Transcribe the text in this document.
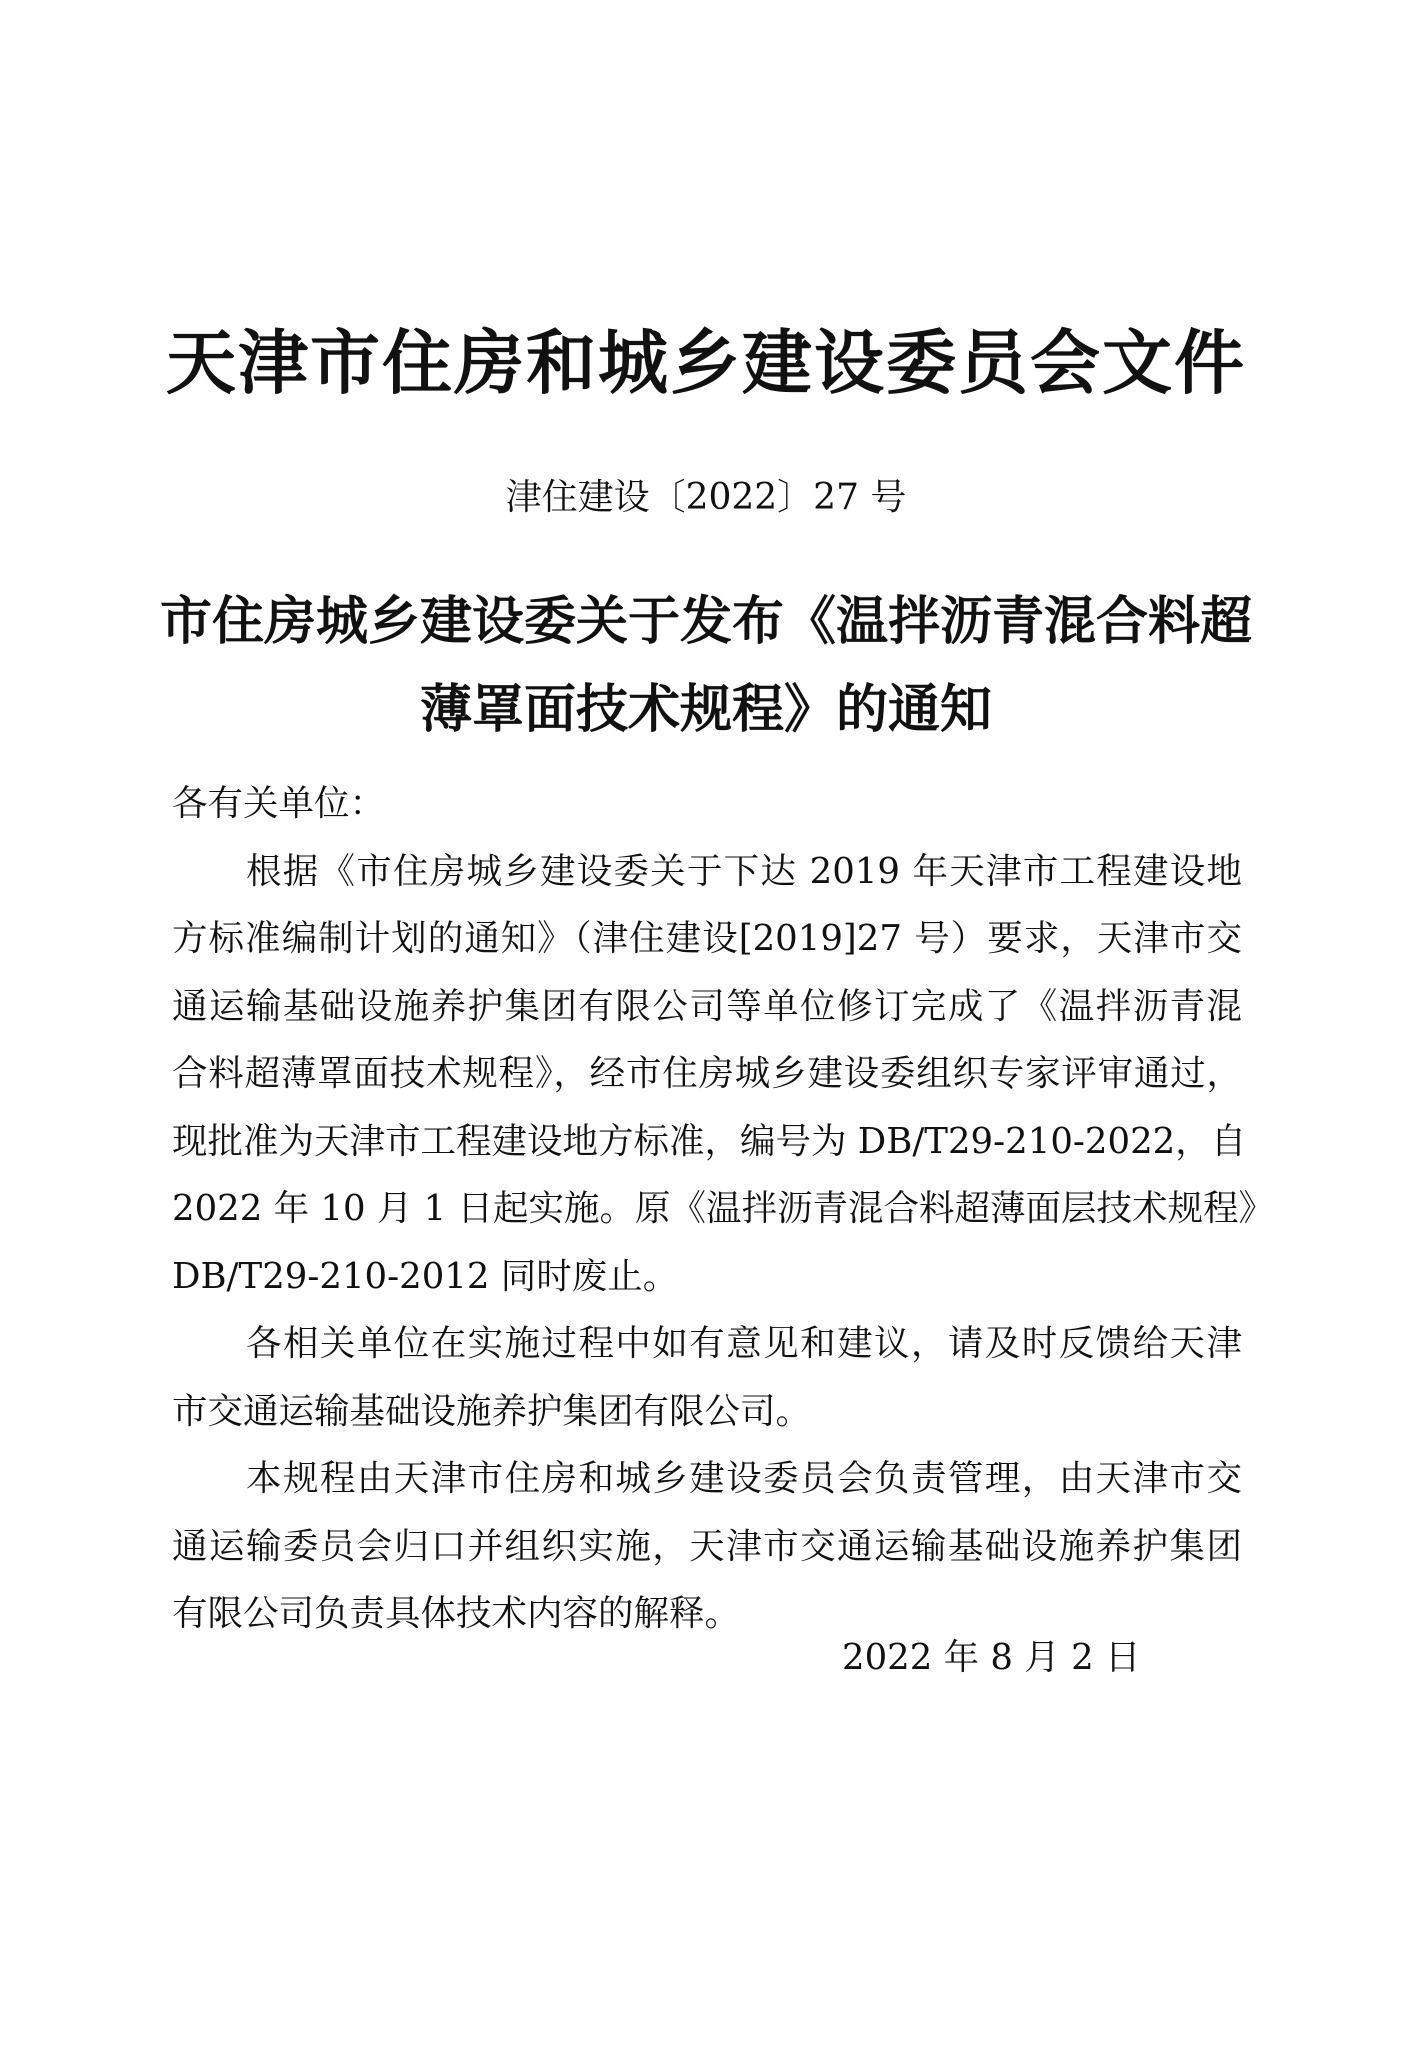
天津市住房和城乡建设委员会文件
津住建设〔2022〕27 号
市住房城乡建设委关于发布《温拌沥青混合料超
薄罩面技术规程》的通知
各有关单位：
根据《市住房城乡建设委关于下达 2019 年天津市工程建设地
方标准编制计划的通知》（津住建设[2019]27 号）要求，天津市交
通运输基础设施养护集团有限公司等单位修订完成了《温拌沥青混
合料超薄罩面技术规程》，经市住房城乡建设委组织专家评审通过，
现批准为天津市工程建设地方标准，编号为 DB/T29-210-2022，自
2022 年 10 月 1 日起实施。原《温拌沥青混合料超薄面层技术规程》
DB/T29-210-2012 同时废止。
各相关单位在实施过程中如有意见和建议，请及时反馈给天津
市交通运输基础设施养护集团有限公司。
本规程由天津市住房和城乡建设委员会负责管理，由天津市交
通运输委员会归口并组织实施，天津市交通运输基础设施养护集团
有限公司负责具体技术内容的解释。
2022 年 8 月 2 日
